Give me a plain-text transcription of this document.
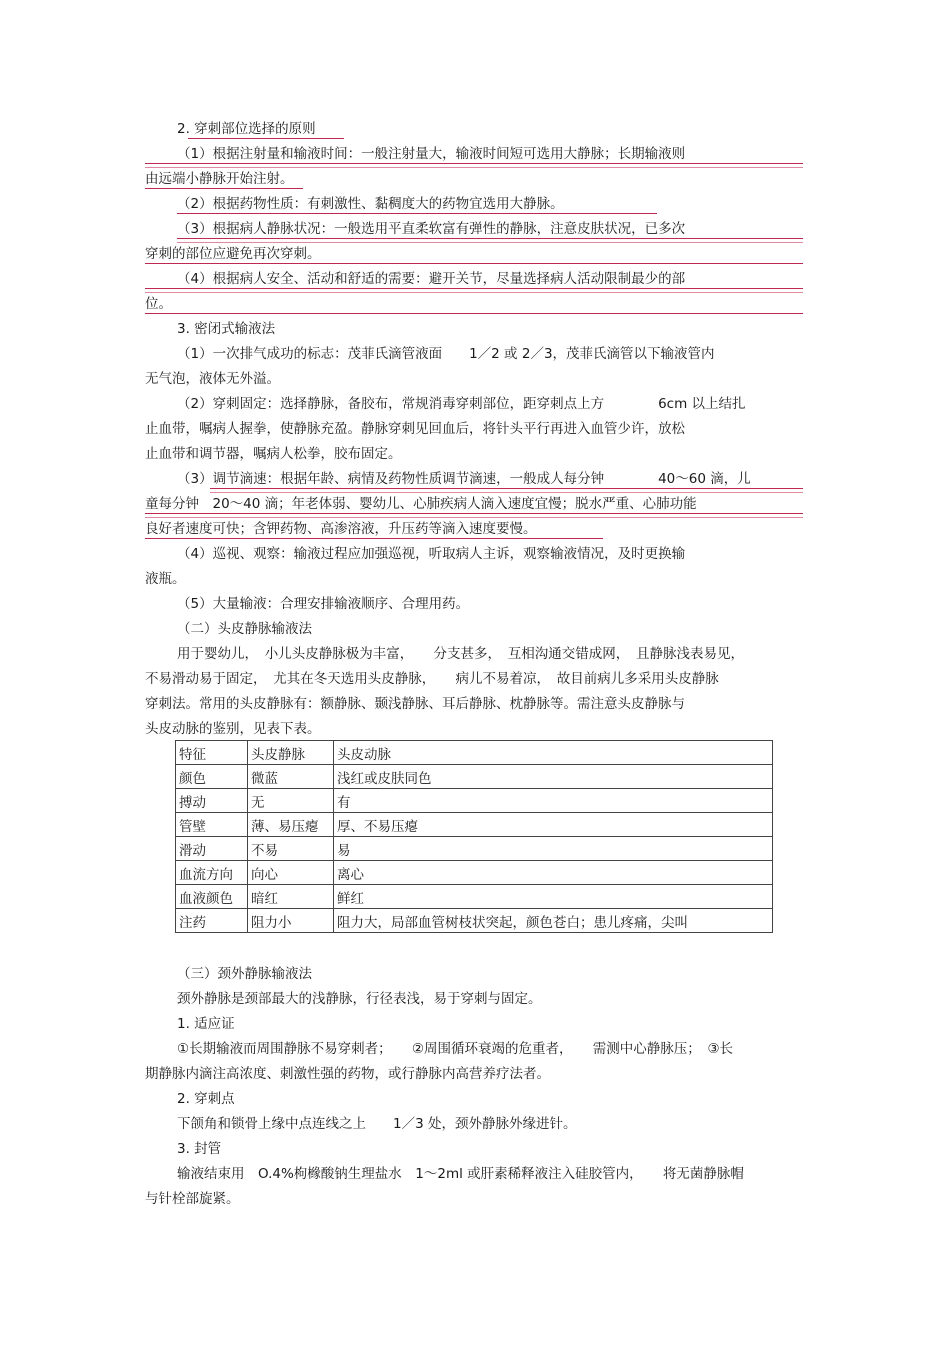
2. 穿刺部位选择的原则
（1）根据注射量和输液时间：一般注射量大，输液时间短可选用大静脉；长期输液则
由远端小静脉开始注射。
（2）根据药物性质：有刺激性、黏稠度大的药物宜选用大静脉。
（3）根据病人静脉状况：一般选用平直柔软富有弹性的静脉，注意皮肤状况，已多次
穿刺的部位应避免再次穿刺。
（4）根据病人安全、活动和舒适的需要：避开关节，尽量选择病人活动限制最少的部
位。
3. 密闭式输液法
（1）一次排气成功的标志：茂菲氏滴管液面　　1／2 或 2／3，茂菲氏滴管以下输液管内
无气泡，液体无外溢。
（2）穿刺固定：选择静脉，备胶布，常规消毒穿刺部位，距穿刺点上方　　　　6cm 以上结扎
止血带，嘱病人握拳，使静脉充盈。静脉穿刺见回血后，将针头平行再进入血管少许，放松
止血带和调节器，嘱病人松拳，胶布固定。
（3）调节滴速：根据年龄、病情及药物性质调节滴速，一般成人每分钟　　　　40～60 滴，儿
童每分钟　20～40 滴；年老体弱、婴幼儿、心肺疾病人滴入速度宜慢；脱水严重、心肺功能
良好者速度可快；含钾药物、高渗溶液，升压药等滴入速度要慢。
（4）巡视、观察：输液过程应加强巡视，听取病人主诉，观察输液情况，及时更换输
液瓶。
（5）大量输液：合理安排输液顺序、合理用药。
（二）头皮静脉输液法
用于婴幼儿，　小儿头皮静脉极为丰富，　　分支甚多，　互相沟通交错成网，　且静脉浅表易见，
不易滑动易于固定，　尤其在冬天选用头皮静脉，　　病儿不易着凉，　故目前病儿多采用头皮静脉
穿刺法。常用的头皮静脉有：额静脉、颞浅静脉、耳后静脉、枕静脉等。需注意头皮静脉与
头皮动脉的鉴别，见表下表。
特征	头皮静脉	头皮动脉
颜色	微蓝	浅红或皮肤同色
搏动	无	有
管壁	薄、易压瘪	厚、不易压瘪
滑动	不易	易
血流方向	向心	离心
血液颜色	暗红	鲜红
注药	阻力小	阻力大，局部血管树枝状突起，颜色苍白；患儿疼痛，尖叫
（三）颈外静脉输液法
颈外静脉是颈部最大的浅静脉，行径表浅，易于穿刺与固定。
1. 适应证
①长期输液而周围静脉不易穿刺者；　　②周围循环衰竭的危重者，　　需测中心静脉压；　③长
期静脉内滴注高浓度、刺激性强的药物，或行静脉内高营养疗法者。
2. 穿刺点
下颌角和锁骨上缘中点连线之上　　1／3 处，颈外静脉外缘进针。
3. 封管
输液结束用　O.4%枸橼酸钠生理盐水　1～2ml 或肝素稀释液注入硅胶管内，　　将无菌静脉帽
与针栓部旋紧。
